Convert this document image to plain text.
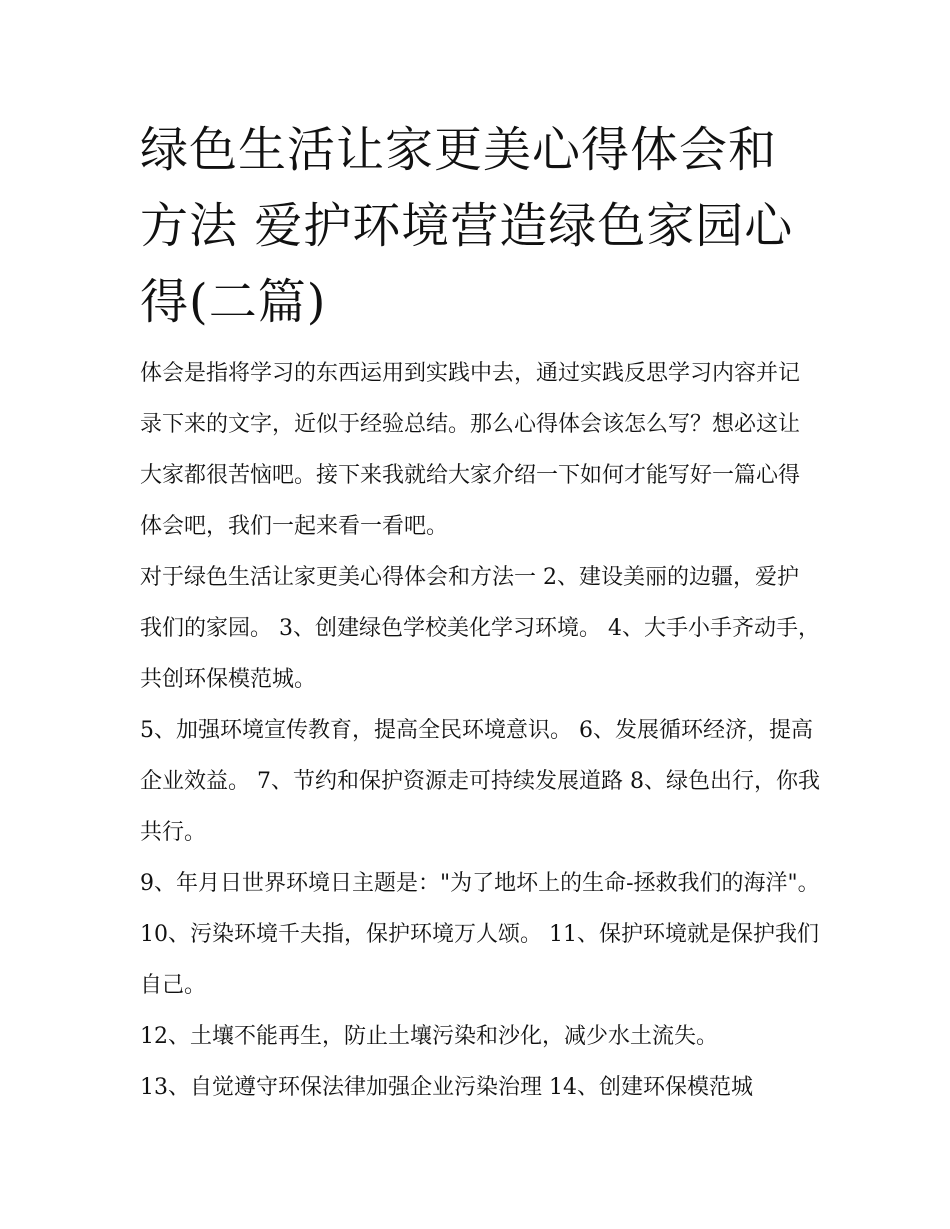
绿色生活让家更美心得体会和方法 爱护环境营造绿色家园心得(二篇)

体会是指将学习的东西运用到实践中去，通过实践反思学习内容并记录下来的文字，近似于经验总结。那么心得体会该怎么写？想必这让大家都很苦恼吧。接下来我就给大家介绍一下如何才能写好一篇心得体会吧，我们一起来看一看吧。

对于绿色生活让家更美心得体会和方法一 2、建设美丽的边疆，爱护我们的家园。 3、创建绿色学校美化学习环境。 4、大手小手齐动手，共创环保模范城。

5、加强环境宣传教育，提高全民环境意识。 6、发展循环经济，提高企业效益。 7、节约和保护资源走可持续发展道路 8、绿色出行，你我共行。

9、年月日世界环境日主题是："为了地坏上的生命-拯救我们的海洋"。 10、污染环境千夫指，保护环境万人颂。 11、保护环境就是保护我们自己。

12、土壤不能再生，防止土壤污染和沙化，减少水土流失。

13、自觉遵守环保法律加强企业污染治理 14、创建环保模范城
